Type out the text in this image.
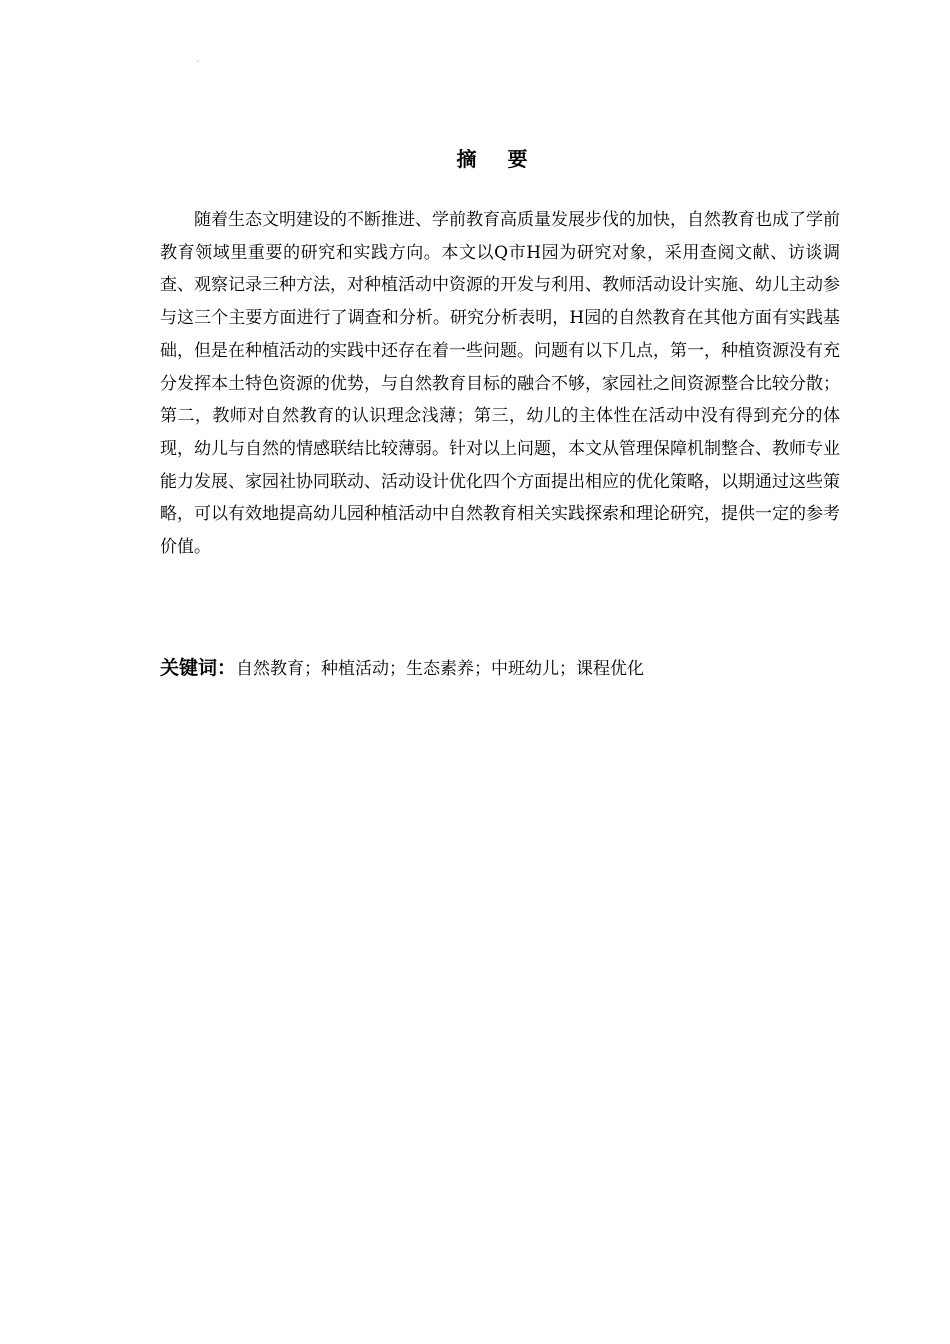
-
摘 要

随着生态文明建设的不断推进、学前教育高质量发展步伐的加快，自然教育也成了学前教育领域里重要的研究和实践方向。本文以Q市H园为研究对象，采用查阅文献、访谈调查、观察记录三种方法，对种植活动中资源的开发与利用、教师活动设计实施、幼儿主动参与这三个主要方面进行了调查和分析。研究分析表明，H园的自然教育在其他方面有实践基础，但是在种植活动的实践中还存在着一些问题。问题有以下几点，第一，种植资源没有充分发挥本土特色资源的优势，与自然教育目标的融合不够，家园社之间资源整合比较分散；第二，教师对自然教育的认识理念浅薄；第三，幼儿的主体性在活动中没有得到充分的体现，幼儿与自然的情感联结比较薄弱。针对以上问题，本文从管理保障机制整合、教师专业能力发展、家园社协同联动、活动设计优化四个方面提出相应的优化策略，以期通过这些策略，可以有效地提高幼儿园种植活动中自然教育相关实践探索和理论研究，提供一定的参考价值。

关键词：自然教育；种植活动；生态素养；中班幼儿；课程优化
